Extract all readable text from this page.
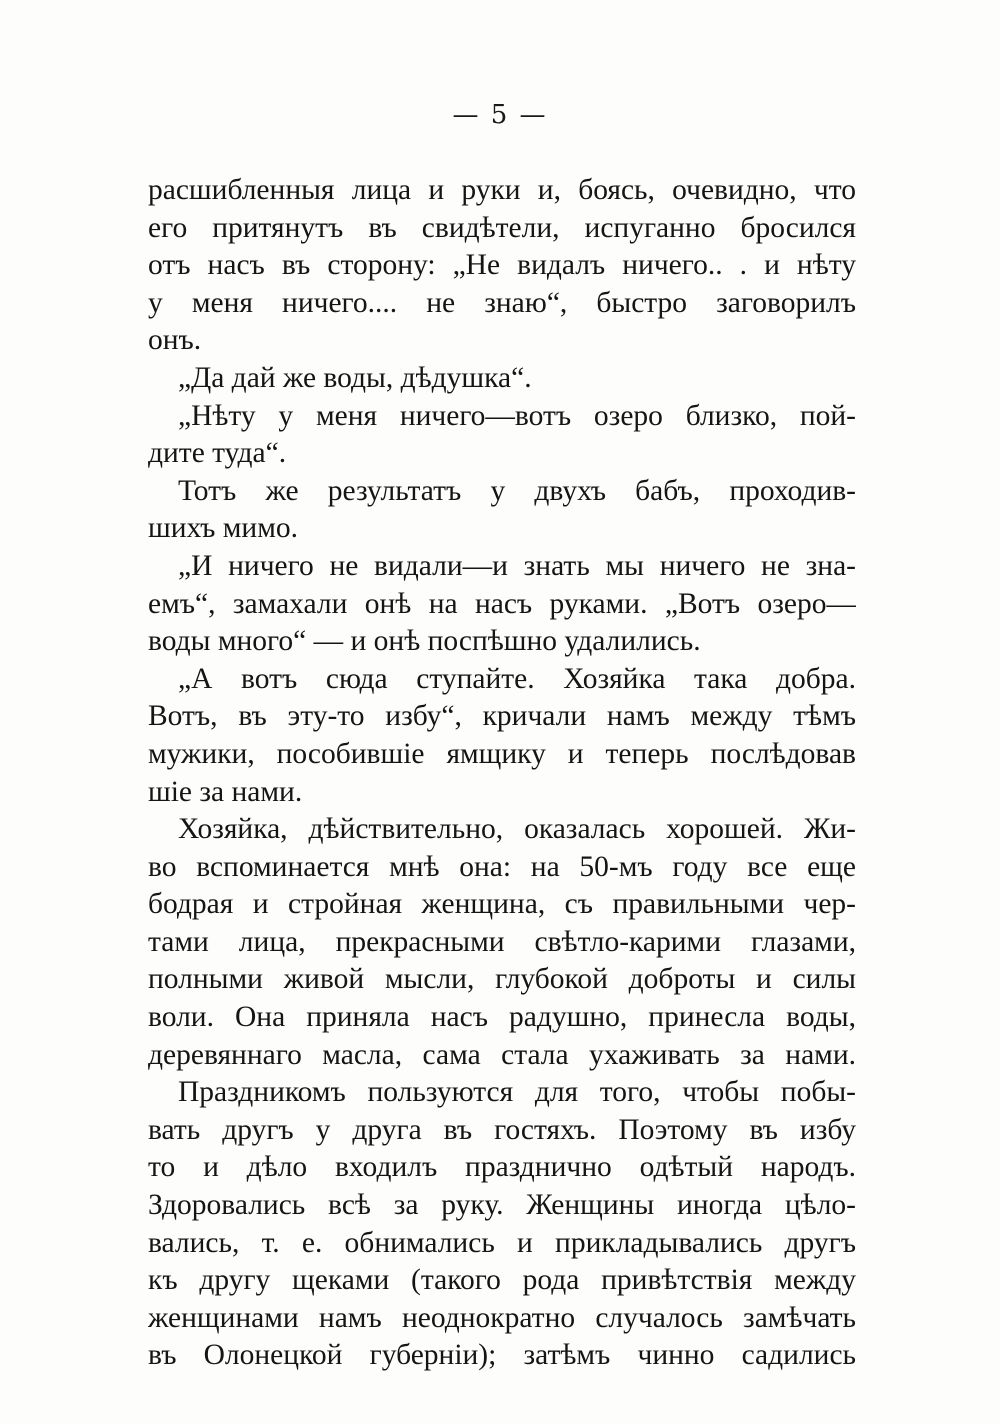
— 5 —
расшибленныя лица и руки и, боясь, очевидно, что
его притянутъ въ свидѣтели, испуганно бросился
отъ насъ въ сторону: „Не видалъ ничего.. . и нѣту
у меня ничего.... не знаю“, быстро заговорилъ
онъ.
„Да дай же воды, дѣдушка“.
„Нѣту у меня ничего—вотъ озеро близко, пой-
дите туда“.
Тотъ же результатъ у двухъ бабъ, проходив-
шихъ мимо.
„И ничего не видали—и знать мы ничего не зна-
емъ“, замахали онѣ на насъ руками. „Вотъ озеро—
воды много“ — и онѣ поспѣшно удалились.
„А вотъ сюда ступайте. Хозяйка така добра.
Вотъ, въ эту-то избу“, кричали намъ между тѣмъ
мужики, пособившіе ямщику и теперь послѣдовав
шіе за нами.
Хозяйка, дѣйствительно, оказалась хорошей. Жи-
во вспоминается мнѣ она: на 50-мъ году все еще
бодрая и стройная женщина, съ правильными чер-
тами лица, прекрасными свѣтло-карими глазами,
полными живой мысли, глубокой доброты и силы
воли. Она приняла насъ радушно, принесла воды,
деревяннаго масла, сама стала ухаживать за нами.
Праздникомъ пользуются для того, чтобы побы-
вать другъ у друга въ гостяхъ. Поэтому въ избу
то и дѣло входилъ празднично одѣтый народъ.
Здоровались всѣ за руку. Женщины иногда цѣло-
вались, т. е. обнимались и прикладывались другъ
къ другу щеками (такого рода привѣтствія между
женщинами намъ неоднократно случалось замѣчать
въ Олонецкой губерніи); затѣмъ чинно садились
